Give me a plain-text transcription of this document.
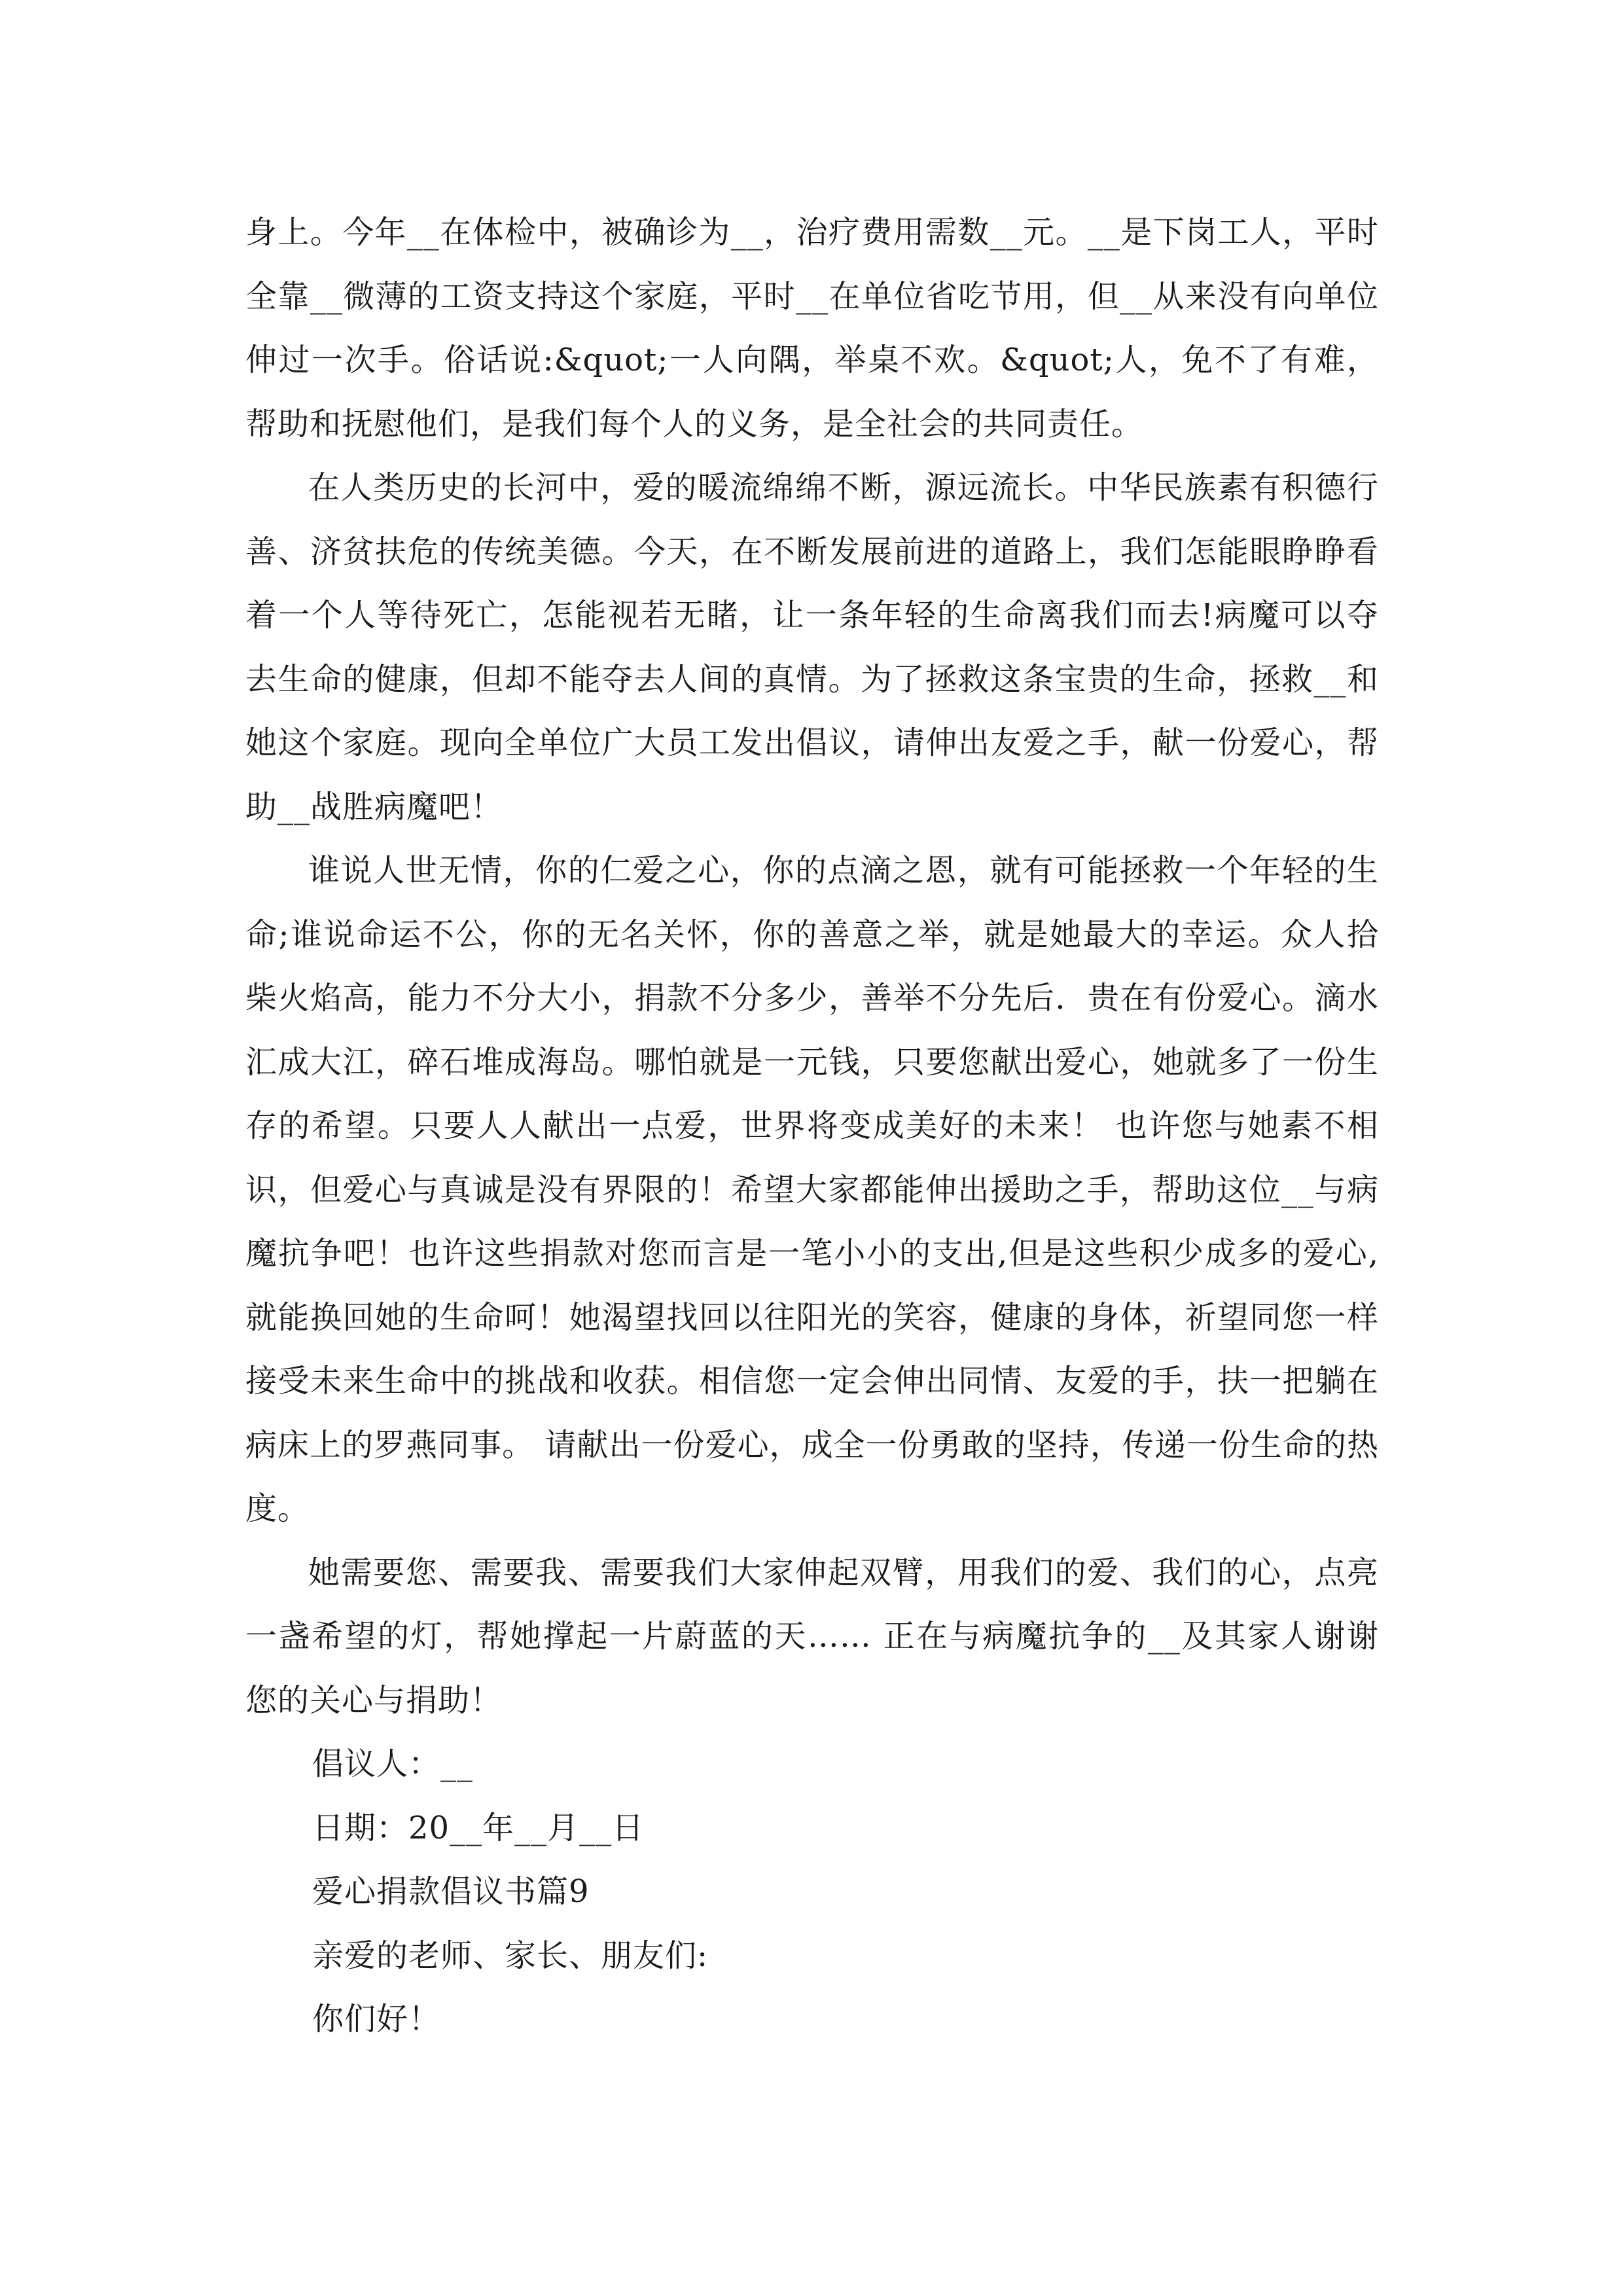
身上。今年__在体检中，被确诊为__，治疗费用需数__元。__是下岗工人，平时全靠__微薄的工资支持这个家庭，平时__在单位省吃节用，但__从来没有向单位伸过一次手。俗话说:&quot;一人向隅，举桌不欢。&quot;人，免不了有难，帮助和抚慰他们，是我们每个人的义务，是全社会的共同责任。

在人类历史的长河中，爱的暖流绵绵不断，源远流长。中华民族素有积德行善、济贫扶危的传统美德。今天，在不断发展前进的道路上，我们怎能眼睁睁看着一个人等待死亡，怎能视若无睹，让一条年轻的生命离我们而去!病魔可以夺去生命的健康，但却不能夺去人间的真情。为了拯救这条宝贵的生命，拯救__和她这个家庭。现向全单位广大员工发出倡议，请伸出友爱之手，献一份爱心，帮助__战胜病魔吧！

谁说人世无情，你的仁爱之心，你的点滴之恩，就有可能拯救一个年轻的生命;谁说命运不公，你的无名关怀，你的善意之举，就是她最大的幸运。众人拾柴火焰高，能力不分大小，捐款不分多少，善举不分先后．贵在有份爱心。滴水汇成大江，碎石堆成海岛。哪怕就是一元钱，只要您献出爱心，她就多了一份生存的希望。只要人人献出一点爱，世界将变成美好的未来！ 也许您与她素不相识，但爱心与真诚是没有界限的！希望大家都能伸出援助之手，帮助这位__与病魔抗争吧！也许这些捐款对您而言是一笔小小的支出,但是这些积少成多的爱心,就能换回她的生命呵！她渴望找回以往阳光的笑容，健康的身体，祈望同您一样接受未来生命中的挑战和收获。相信您一定会伸出同情、友爱的手，扶一把躺在病床上的罗燕同事。 请献出一份爱心，成全一份勇敢的坚持，传递一份生命的热度。

她需要您、需要我、需要我们大家伸起双臂，用我们的爱、我们的心，点亮一盏希望的灯，帮她撑起一片蔚蓝的天…… 正在与病魔抗争的__及其家人谢谢您的关心与捐助！

倡议人：__

日期：20__年__月__日

爱心捐款倡议书篇9

亲爱的老师、家长、朋友们:

你们好！
